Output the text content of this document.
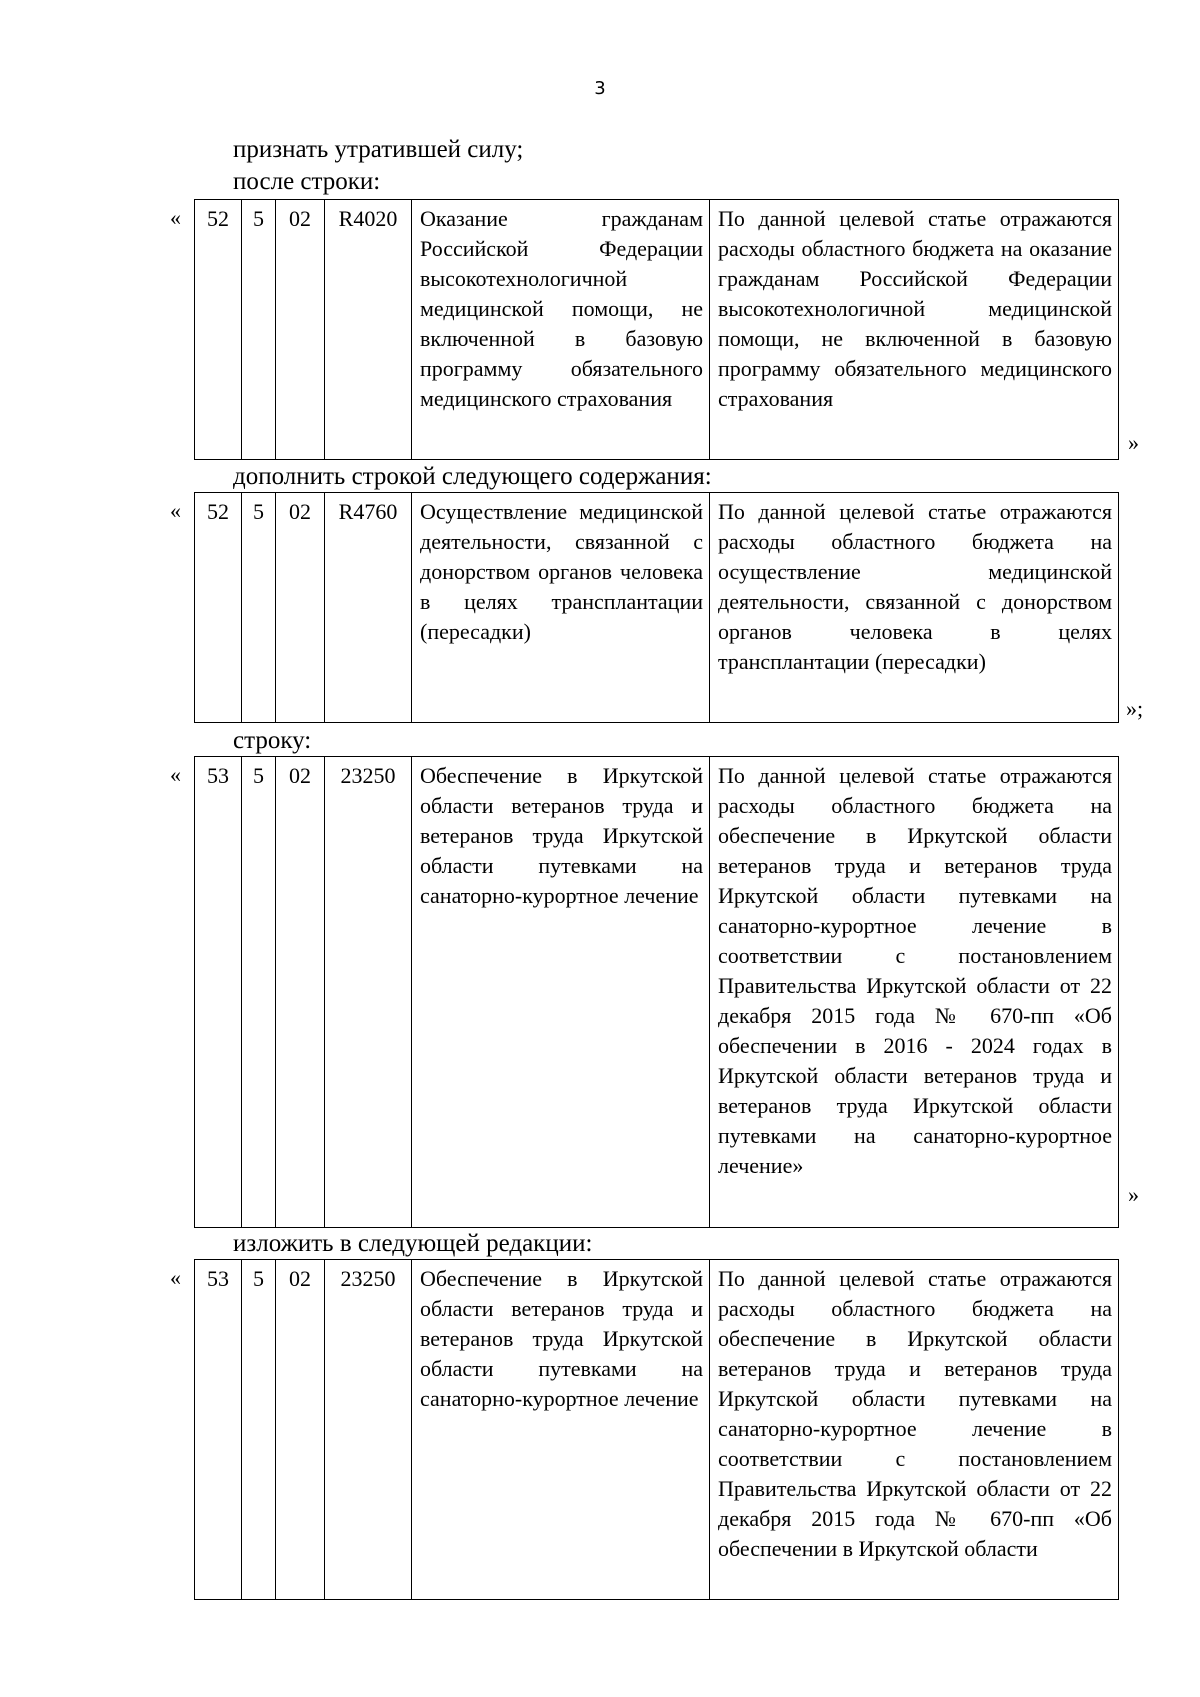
3
признать утратившей силу;
после строки:
« 52	5	02	R4020	Оказание гражданам Российской Федерации высокотехнологичной медицинской помощи, не включенной в базовую программу обязательного медицинского страхования	По данной целевой статье отражаются расходы областного бюджета на оказание гражданам Российской Федерации высокотехнологичной медицинской помощи, не включенной в базовую программу обязательного медицинского страхования
»
дополнить строкой следующего содержания:
« 52	5	02	R4760	Осуществление медицинской деятельности, связанной с донорством органов человека в целях трансплантации (пересадки)	По данной целевой статье отражаются расходы областного бюджета на осуществление медицинской деятельности, связанной с донорством органов человека в целях трансплантации (пересадки)
»;
строку:
« 53	5	02	23250	Обеспечение в Иркутской области ветеранов труда и ветеранов труда Иркутской области путевками на санаторно-курортное лечение	По данной целевой статье отражаются расходы областного бюджета на обеспечение в Иркутской области ветеранов труда и ветеранов труда Иркутской области путевками на санаторно-курортное лечение в соответствии с постановлением Правительства Иркутской области от 22 декабря 2015 года № 670-пп «Об обеспечении в 2016 - 2024 годах в Иркутской области ветеранов труда и ветеранов труда Иркутской области путевками на санаторно-курортное лечение»
»
изложить в следующей редакции:
« 53	5	02	23250	Обеспечение в Иркутской области ветеранов труда и ветеранов труда Иркутской области путевками на санаторно-курортное лечение	По данной целевой статье отражаются расходы областного бюджета на обеспечение в Иркутской области ветеранов труда и ветеранов труда Иркутской области путевками на санаторно-курортное лечение в соответствии с постановлением Правительства Иркутской области от 22 декабря 2015 года № 670-пп «Об обеспечении в Иркутской области
